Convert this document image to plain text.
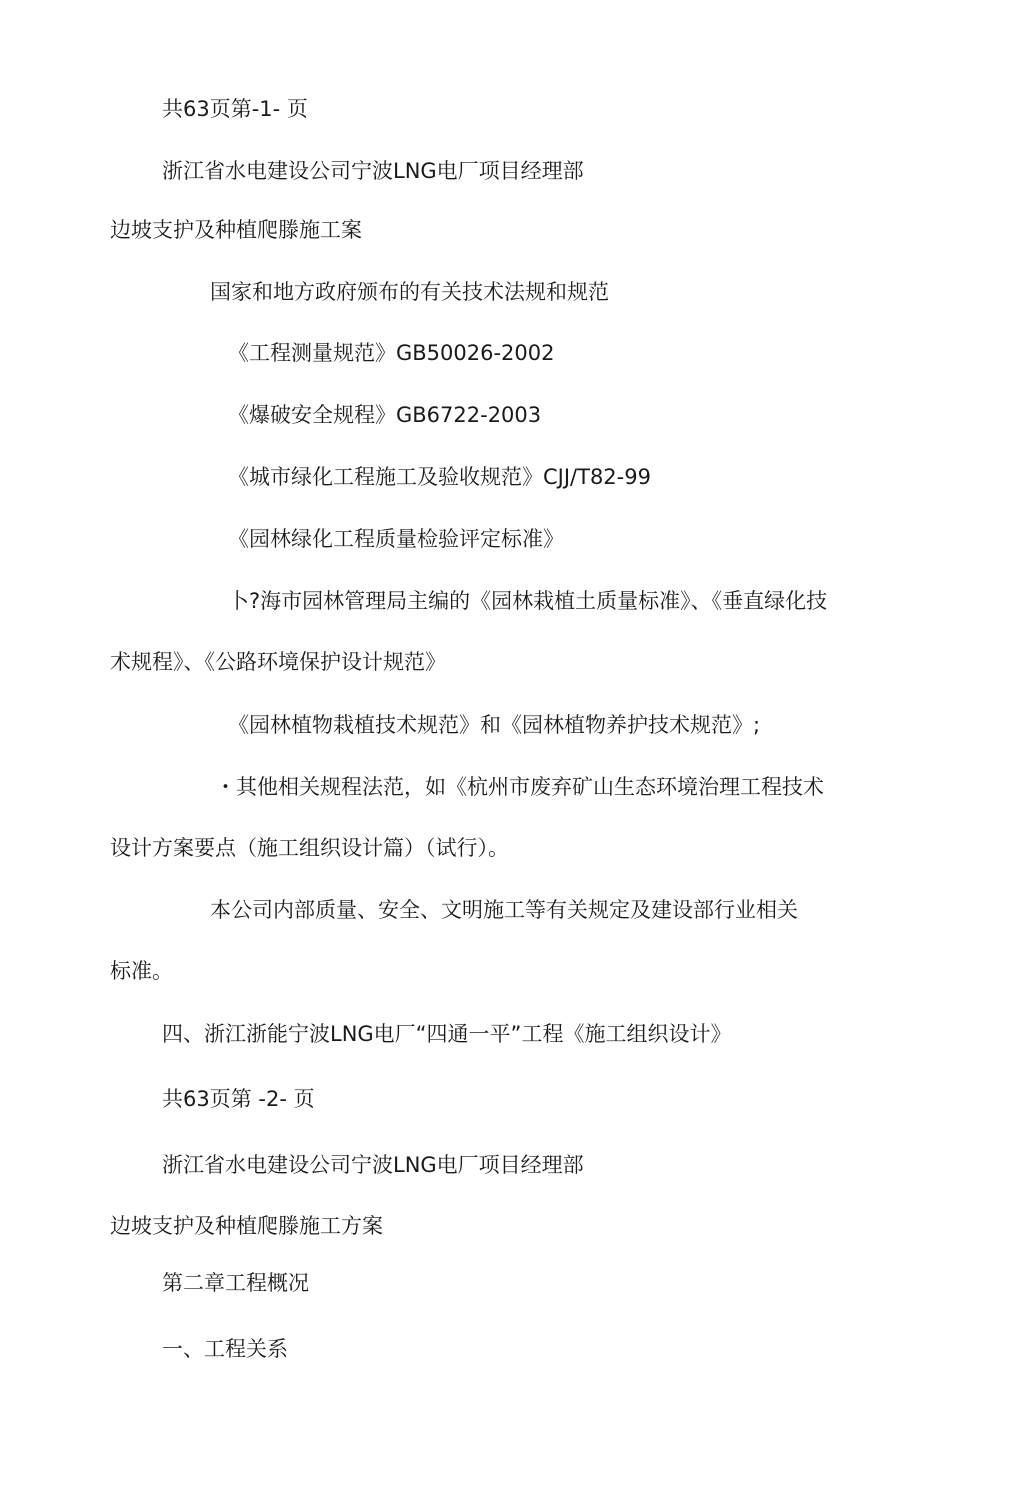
共63页第-1- 页
浙江省水电建设公司宁波LNG电厂项目经理部
边坡支护及种植爬滕施工案
国家和地方政府颁布的有关技术法规和规范
《工程测量规范》GB50026-2002
《爆破安全规程》GB6722-2003
《城市绿化工程施工及验收规范》CJJ/T82-99
《园林绿化工程质量检验评定标准》
卜?海市园林管理局主编的《园林栽植土质量标准》、《垂直绿化技
术规程》、《公路环境保护设计规范》
《园林植物栽植技术规范》和《园林植物养护技术规范》;
・其他相关规程法范，如《杭州市废弃矿山生态环境治理工程技术
设计方案要点（施工组织设计篇）（试行）。
本公司内部质量、安全、文明施工等有关规定及建设部行业相关
标准。
四、浙江浙能宁波LNG电厂“四通一平”工程《施工组织设计》
共63页第 -2- 页
浙江省水电建设公司宁波LNG电厂项目经理部
边坡支护及种植爬滕施工方案
第二章工程概况
一、工程关系
